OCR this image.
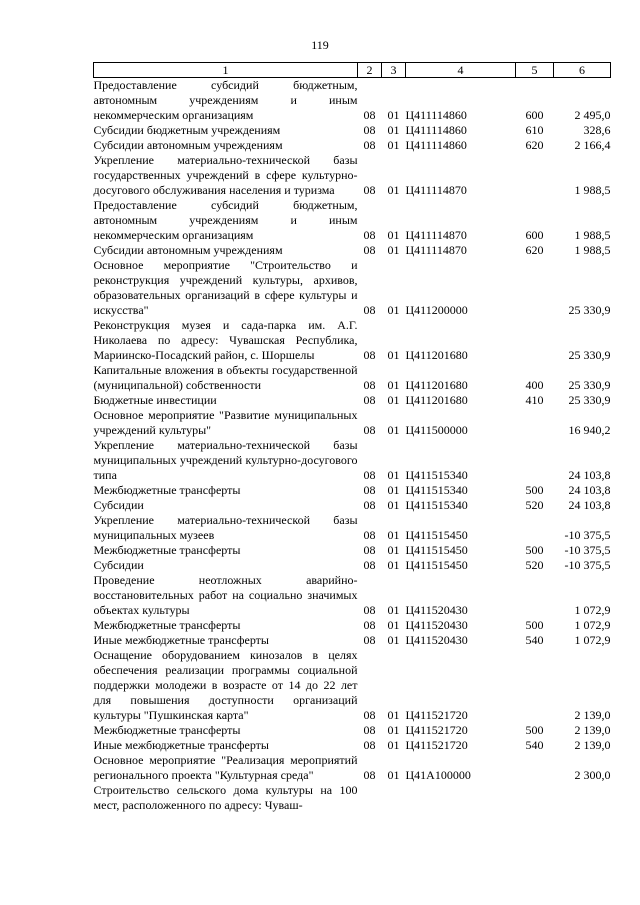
119
1	2	3	4	5	6
Предоставление субсидий бюджетным, автономным учреждениям и иным некоммерческим организациям	08	01	Ц411114860	600	2 495,0
Субсидии бюджетным учреждениям	08	01	Ц411114860	610	328,6
Субсидии автономным учреждениям	08	01	Ц411114860	620	2 166,4
Укрепление материально-технической базы государственных учреждений в сфере культурно-досугового обслуживания населения и туризма	08	01	Ц411114870		1 988,5
Предоставление субсидий бюджетным, автономным учреждениям и иным некоммерческим организациям	08	01	Ц411114870	600	1 988,5
Субсидии автономным учреждениям	08	01	Ц411114870	620	1 988,5
Основное мероприятие "Строительство и реконструкция учреждений культуры, архивов, образовательных организаций в сфере культуры и искусства"	08	01	Ц411200000		25 330,9
Реконструкция музея и сада-парка им. А.Г. Николаева по адресу: Чувашская Республика, Мариинско-Посадский район, с. Шоршелы	08	01	Ц411201680		25 330,9
Капитальные вложения в объекты государственной (муниципальной) собственности	08	01	Ц411201680	400	25 330,9
Бюджетные инвестиции	08	01	Ц411201680	410	25 330,9
Основное мероприятие "Развитие муниципальных учреждений культуры"	08	01	Ц411500000		16 940,2
Укрепление материально-технической базы муниципальных учреждений культурно-досугового типа	08	01	Ц411515340		24 103,8
Межбюджетные трансферты	08	01	Ц411515340	500	24 103,8
Субсидии	08	01	Ц411515340	520	24 103,8
Укрепление материально-технической базы муниципальных музеев	08	01	Ц411515450		-10 375,5
Межбюджетные трансферты	08	01	Ц411515450	500	-10 375,5
Субсидии	08	01	Ц411515450	520	-10 375,5
Проведение неотложных аварийно-восстановительных работ на социально значимых объектах культуры	08	01	Ц411520430		1 072,9
Межбюджетные трансферты	08	01	Ц411520430	500	1 072,9
Иные межбюджетные трансферты	08	01	Ц411520430	540	1 072,9
Оснащение оборудованием кинозалов в целях обеспечения реализации программы социальной поддержки молодежи в возрасте от 14 до 22 лет для повышения доступности организаций культуры "Пушкинская карта"	08	01	Ц411521720		2 139,0
Межбюджетные трансферты	08	01	Ц411521720	500	2 139,0
Иные межбюджетные трансферты	08	01	Ц411521720	540	2 139,0
Основное мероприятие "Реализация мероприятий регионального проекта "Культурная среда"	08	01	Ц41А100000		2 300,0
Строительство сельского дома культуры на 100 мест, расположенного по адресу: Чуваш-					
